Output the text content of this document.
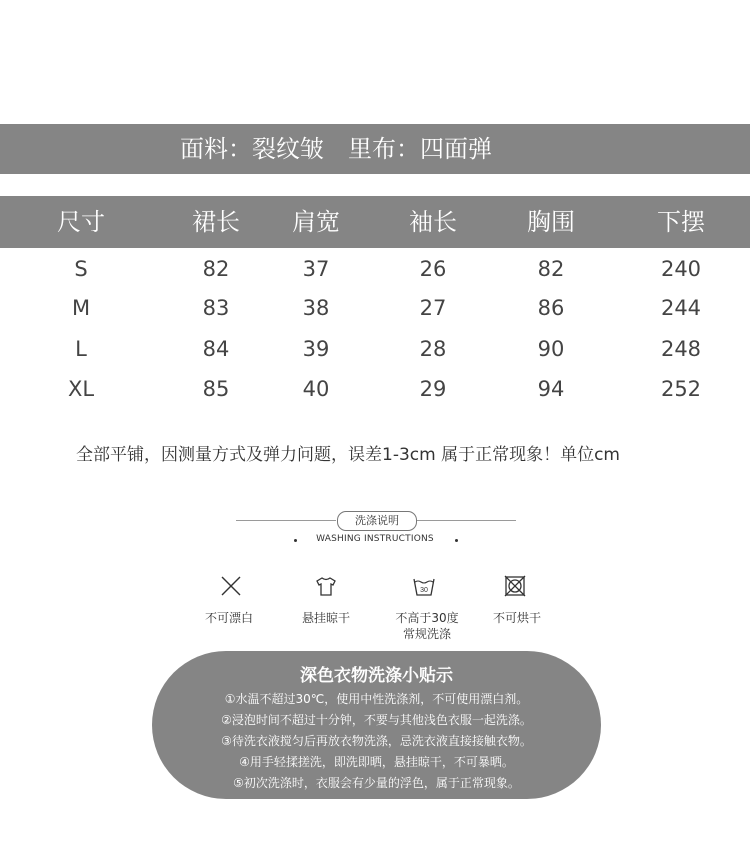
面料：裂纹皱 里布：四面弹
尺寸	裙长	肩宽	袖长	胸围	下摆
S	82	37	26	82	240
M	83	38	27	86	244
L	84	39	28	90	248
XL	85	40	29	94	252
全部平铺，因测量方式及弹力问题，误差1-3cm 属于正常现象！单位cm
洗涤说明
WASHING INSTRUCTIONS
不可漂白	悬挂晾干
30
不高于30度
常规洗涤
不可烘干
深色衣物洗涤小贴示
①水温不超过30℃，使用中性洗涤剂，不可使用漂白剂。
②浸泡时间不超过十分钟，不要与其他浅色衣服一起洗涤。
③待洗衣液搅匀后再放衣物洗涤，忌洗衣液直接接触衣物。
④用手轻揉搓洗，即洗即晒，悬挂晾干，不可暴晒。
⑤初次洗涤时，衣服会有少量的浮色，属于正常现象。
